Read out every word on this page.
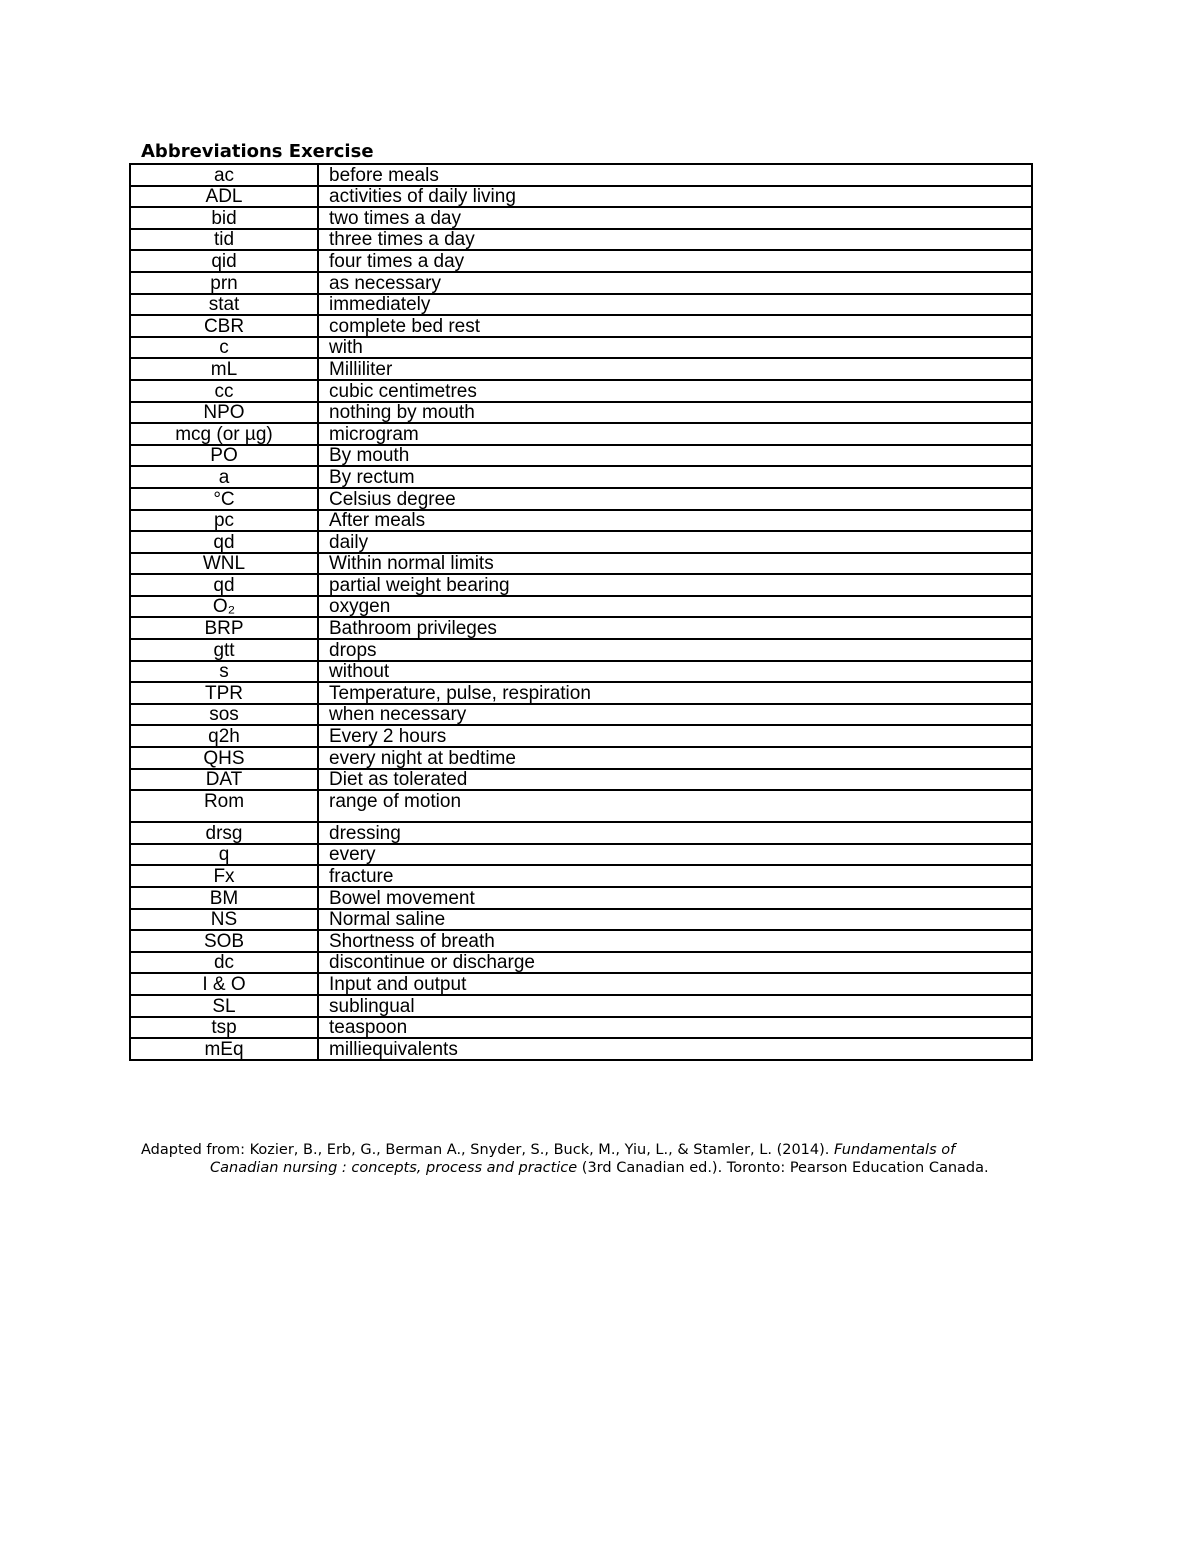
Abbreviations Exercise
ac	before meals
ADL	activities of daily living
bid	two times a day
tid	three times a day
qid	four times a day
prn	as necessary
stat	immediately
CBR	complete bed rest
c	with
mL	Milliliter
cc	cubic centimetres
NPO	nothing by mouth
mcg (or µg)	microgram
PO	By mouth
a	By rectum
°C	Celsius degree
pc	After meals
qd	daily
WNL	Within normal limits
qd	partial weight bearing
O₂	oxygen
BRP	Bathroom privileges
gtt	drops
s	without
TPR	Temperature, pulse, respiration
sos	when necessary
q2h	Every 2 hours
QHS	every night at bedtime
DAT	Diet as tolerated
Rom	range of motion
drsg	dressing
q	every
Fx	fracture
BM	Bowel movement
NS	Normal saline
SOB	Shortness of breath
dc	discontinue or discharge
I & O	Input and output
SL	sublingual
tsp	teaspoon
mEq	milliequivalents
Adapted from: Kozier, B., Erb, G., Berman A., Snyder, S., Buck, M., Yiu, L., & Stamler, L. (2014). Fundamentals of
Canadian nursing : concepts, process and practice (3rd Canadian ed.). Toronto: Pearson Education Canada.
